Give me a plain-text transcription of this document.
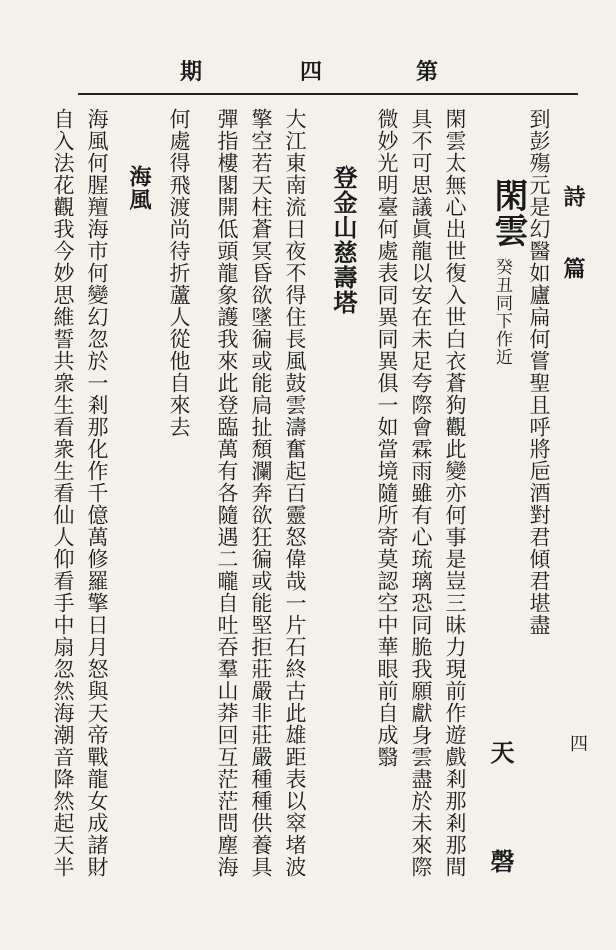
期	四	第
詩 篇
四
到彭殤元是幻醫如廬扁何嘗聖且呼將巵酒對君傾君堪盡
閑雲
癸丑同下作近
天 磬
閑雲太無心出世復入世白衣蒼狗觀此變亦何事是豈三昧力現前作遊戲剎那剎那間
具不可思議眞龍以安在未足夸際會霖雨雖有心琉璃恐同脆我願獻身雲盡於未來際
微妙光明臺何處表同異同異俱一如當境隨所寄莫認空中華眼前自成翳
登金山慈壽塔
大江東南流日夜不得住長風鼓雲濤奮起百靈怒偉哉一片石終古此雄距表以窣堵波
擎空若天柱蒼冥昏欲墜徧或能扃扯頹瀾奔欲狂徧或能堅拒莊嚴非莊嚴種種供養具
彈指樓閣開低頭龍象護我來此登臨萬有各隨遇二曨自吐吞羣山莽回互茫茫問塵海
何處得飛渡尚待折蘆人從他自來去
海風
海風何腥羶海市何變幻忽於一剎那化作千億萬修羅擎日月怒與天帝戰龍女成諸財
自入法花觀我今妙思維誓共衆生看衆生看仙人仰看手中扇忽然海潮音降然起天半
